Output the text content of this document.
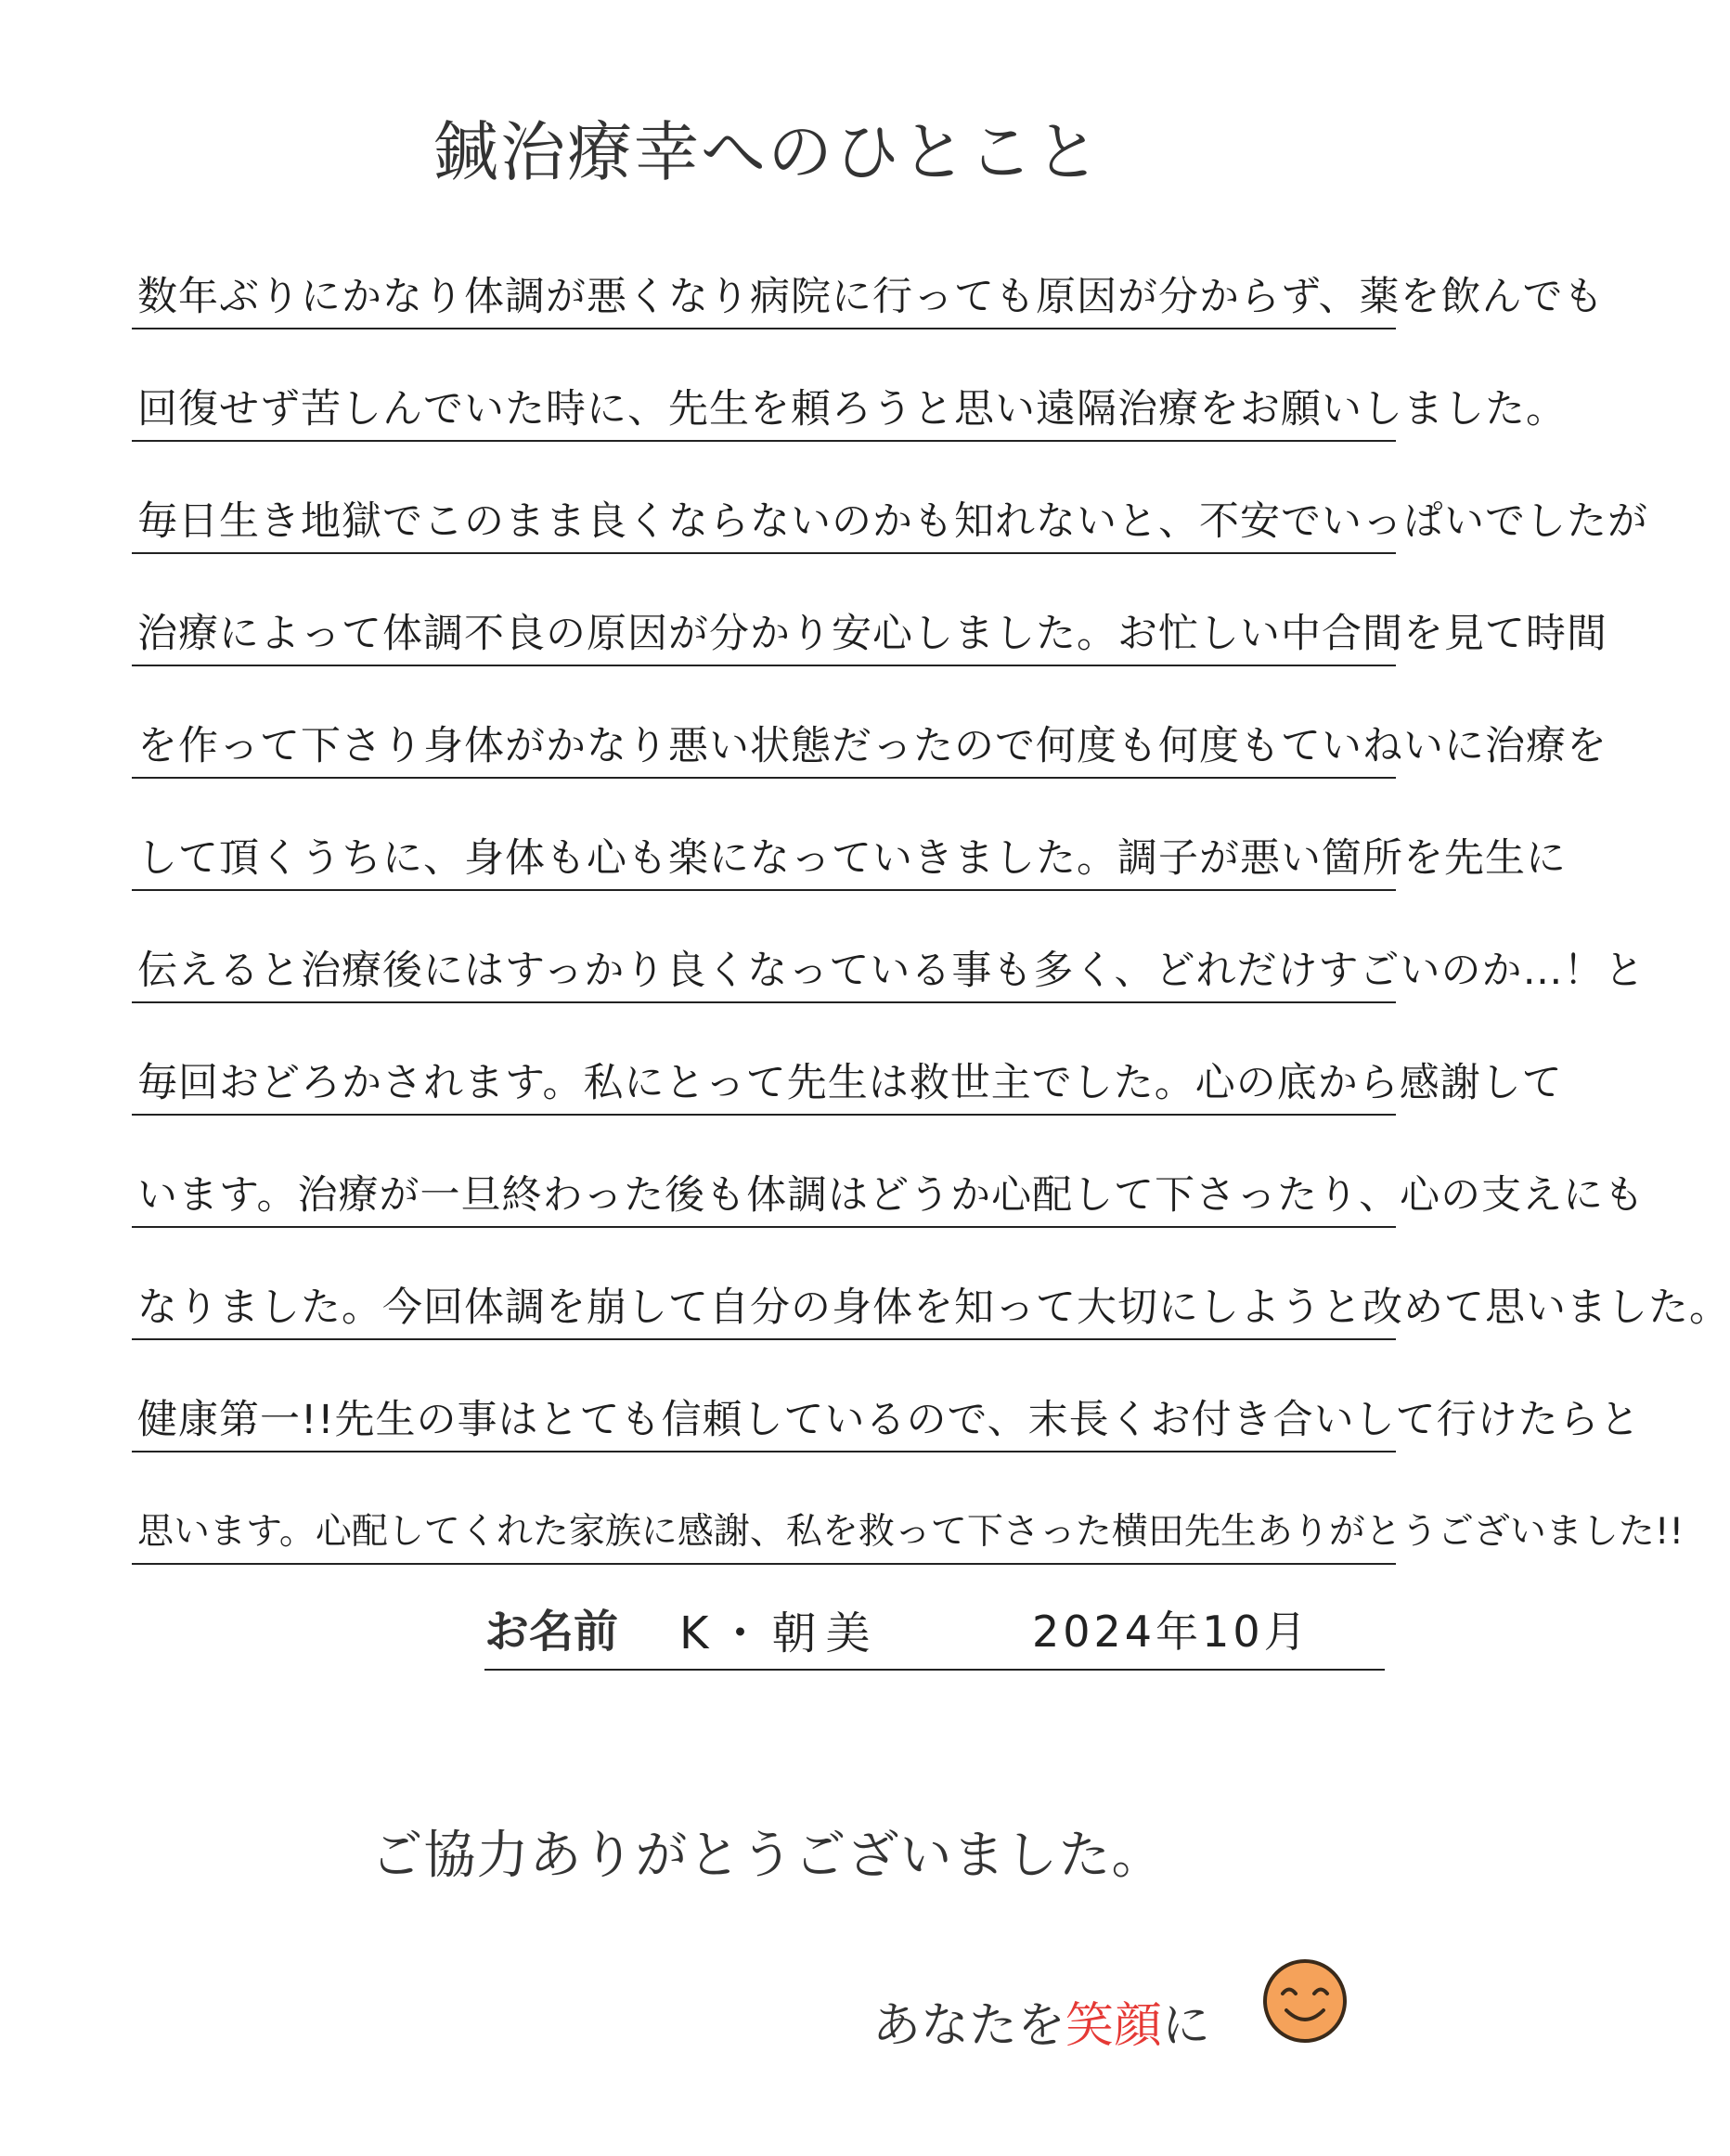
鍼治療幸へのひとこと
数年ぶりにかなり体調が悪くなり病院に行っても原因が分からず、薬を飲んでも
回復せず苦しんでいた時に、先生を頼ろうと思い遠隔治療をお願いしました。
毎日生き地獄でこのまま良くならないのかも知れないと、不安でいっぱいでしたが
治療によって体調不良の原因が分かり安心しました。お忙しい中合間を見て時間
を作って下さり身体がかなり悪い状態だったので何度も何度もていねいに治療を
して頂くうちに、身体も心も楽になっていきました。調子が悪い箇所を先生に
伝えると治療後にはすっかり良くなっている事も多く、どれだけすごいのか…！と
毎回おどろかされます。私にとって先生は救世主でした。心の底から感謝して
います。治療が一旦終わった後も体調はどうか心配して下さったり、心の支えにも
なりました。今回体調を崩して自分の身体を知って大切にしようと改めて思いました。
健康第一!!先生の事はとても信頼しているので、末長くお付き合いして行けたらと
思います。心配してくれた家族に感謝、私を救って下さった横田先生ありがとうございました!!
お名前 K・朝美	2024年10月
ご協力ありがとうございました。
あなたを笑顔に
